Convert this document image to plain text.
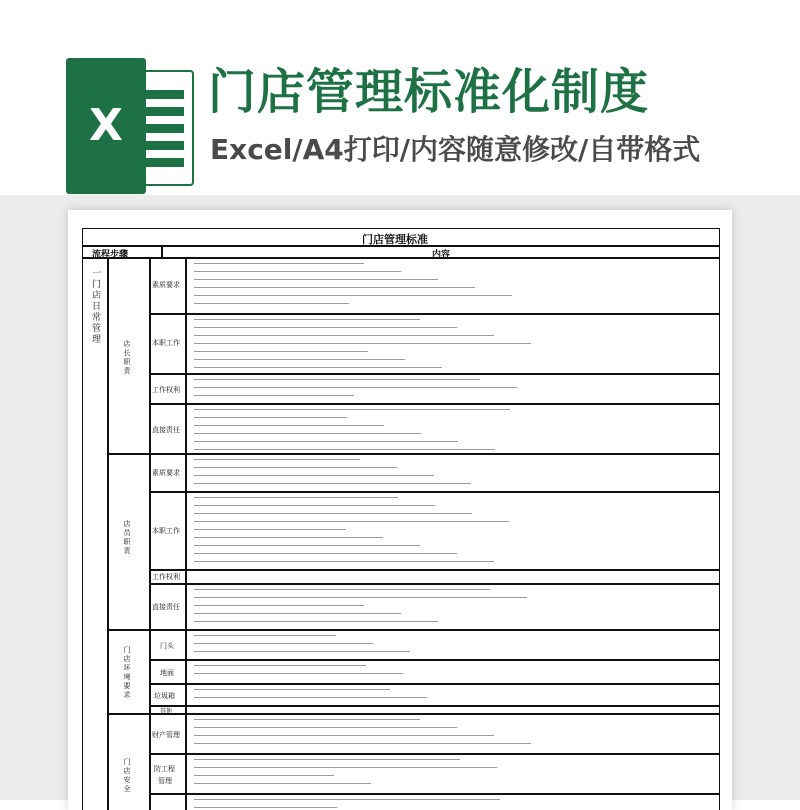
X
门店管理标准化制度
Excel/A4打印/内容随意修改/自带格式
门店管理标准
流程步骤	内容
一门店日常管理
店长职责
店员职责
门店环境要求
门店安全
素质要求
本职工作
工作权利
直接责任
素质要求
本职工作
工作权利
直接责任
门头
地面
垃圾箱
其他
财产管理
防工程
管理
